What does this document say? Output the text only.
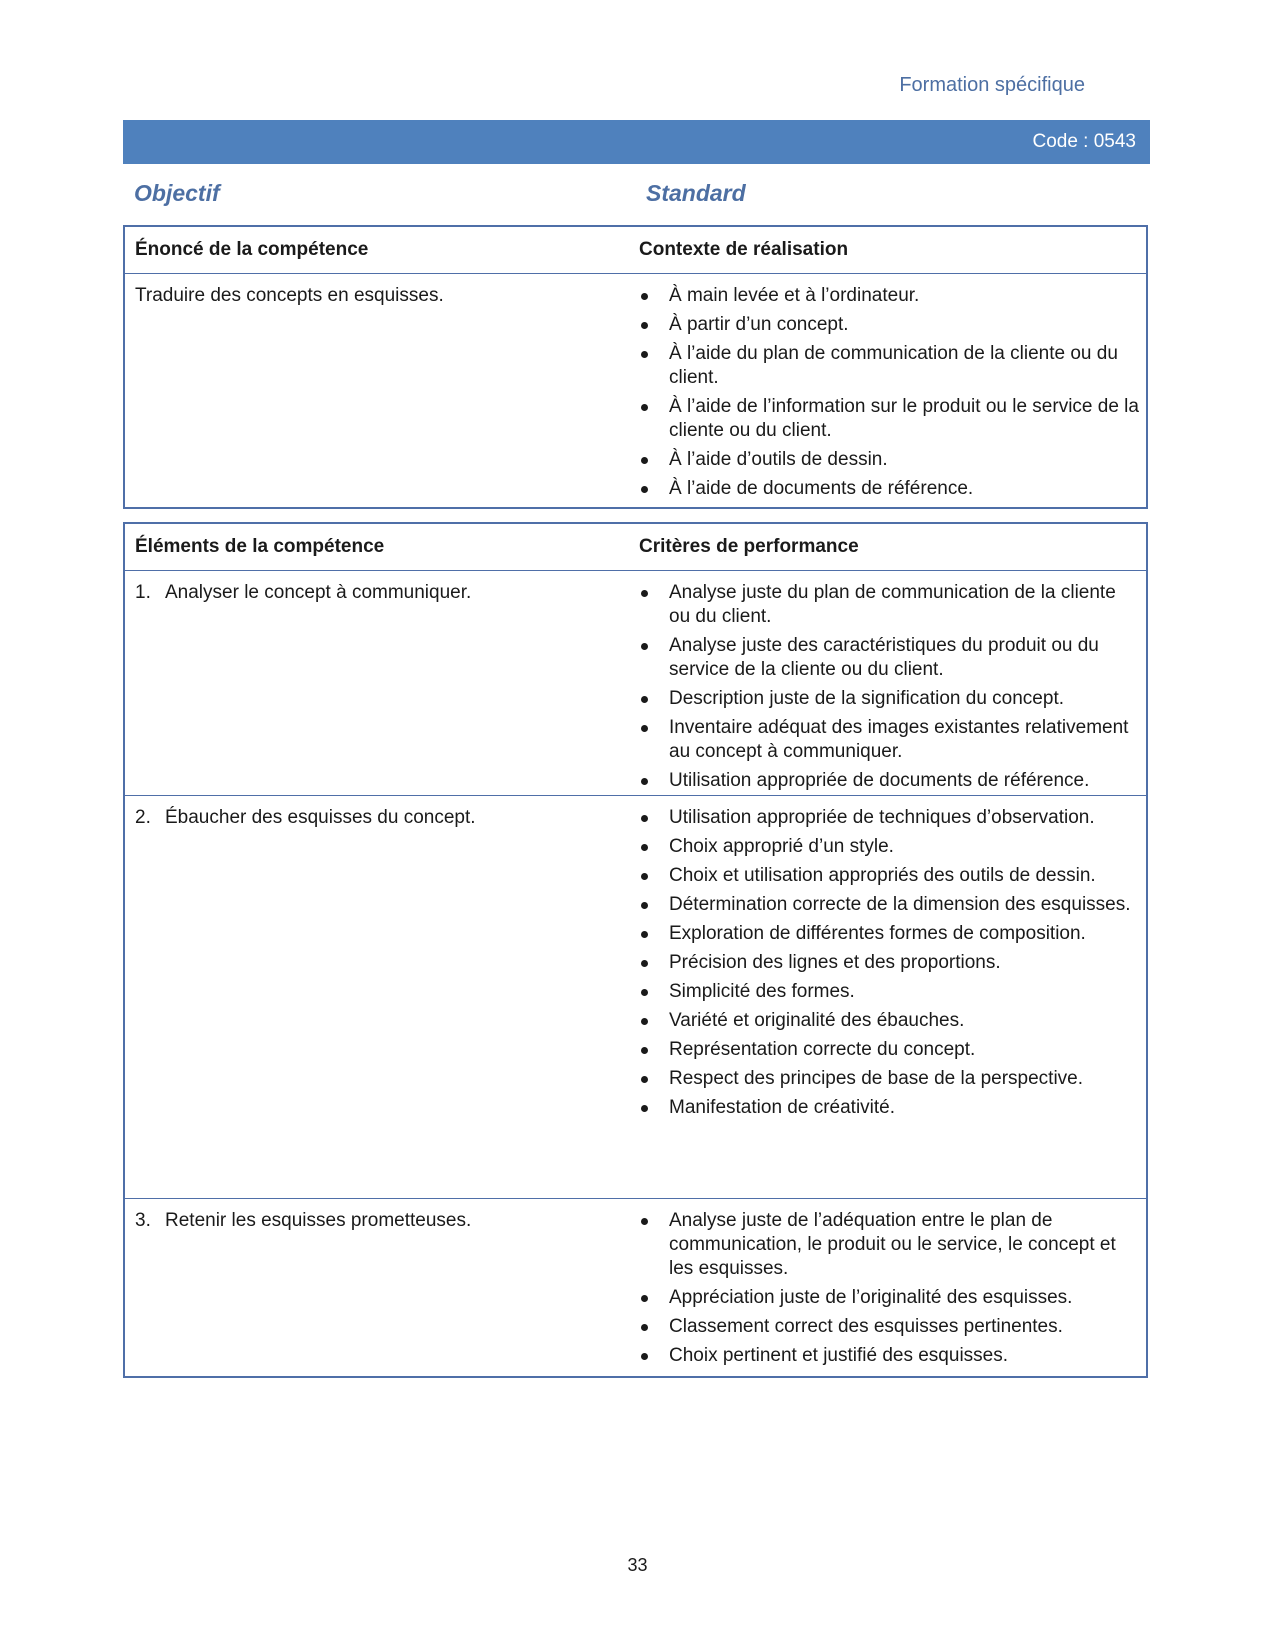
Formation spécifique
Code : 0543
Objectif	Standard
Énoncé de la compétence	Contexte de réalisation
Traduire des concepts en esquisses.	À main levée et à l’ordinateur.
À partir d’un concept.
À l’aide du plan de communication de la cliente ou du client.
À l’aide de l’information sur le produit ou le service de la cliente ou du client.
À l’aide d’outils de dessin.
À l’aide de documents de référence.
Éléments de la compétence	Critères de performance
1. Analyser le concept à communiquer.	Analyse juste du plan de communication de la cliente ou du client.
Analyse juste des caractéristiques du produit ou du service de la cliente ou du client.
Description juste de la signification du concept.
Inventaire adéquat des images existantes relativement au concept à communiquer.
Utilisation appropriée de documents de référence.
2. Ébaucher des esquisses du concept.	Utilisation appropriée de techniques d’observation.
Choix approprié d’un style.
Choix et utilisation appropriés des outils de dessin.
Détermination correcte de la dimension des esquisses.
Exploration de différentes formes de composition.
Précision des lignes et des proportions.
Simplicité des formes.
Variété et originalité des ébauches.
Représentation correcte du concept.
Respect des principes de base de la perspective.
Manifestation de créativité.
3. Retenir les esquisses prometteuses.	Analyse juste de l’adéquation entre le plan de communication, le produit ou le service, le concept et les esquisses.
Appréciation juste de l’originalité des esquisses.
Classement correct des esquisses pertinentes.
Choix pertinent et justifié des esquisses.
33
